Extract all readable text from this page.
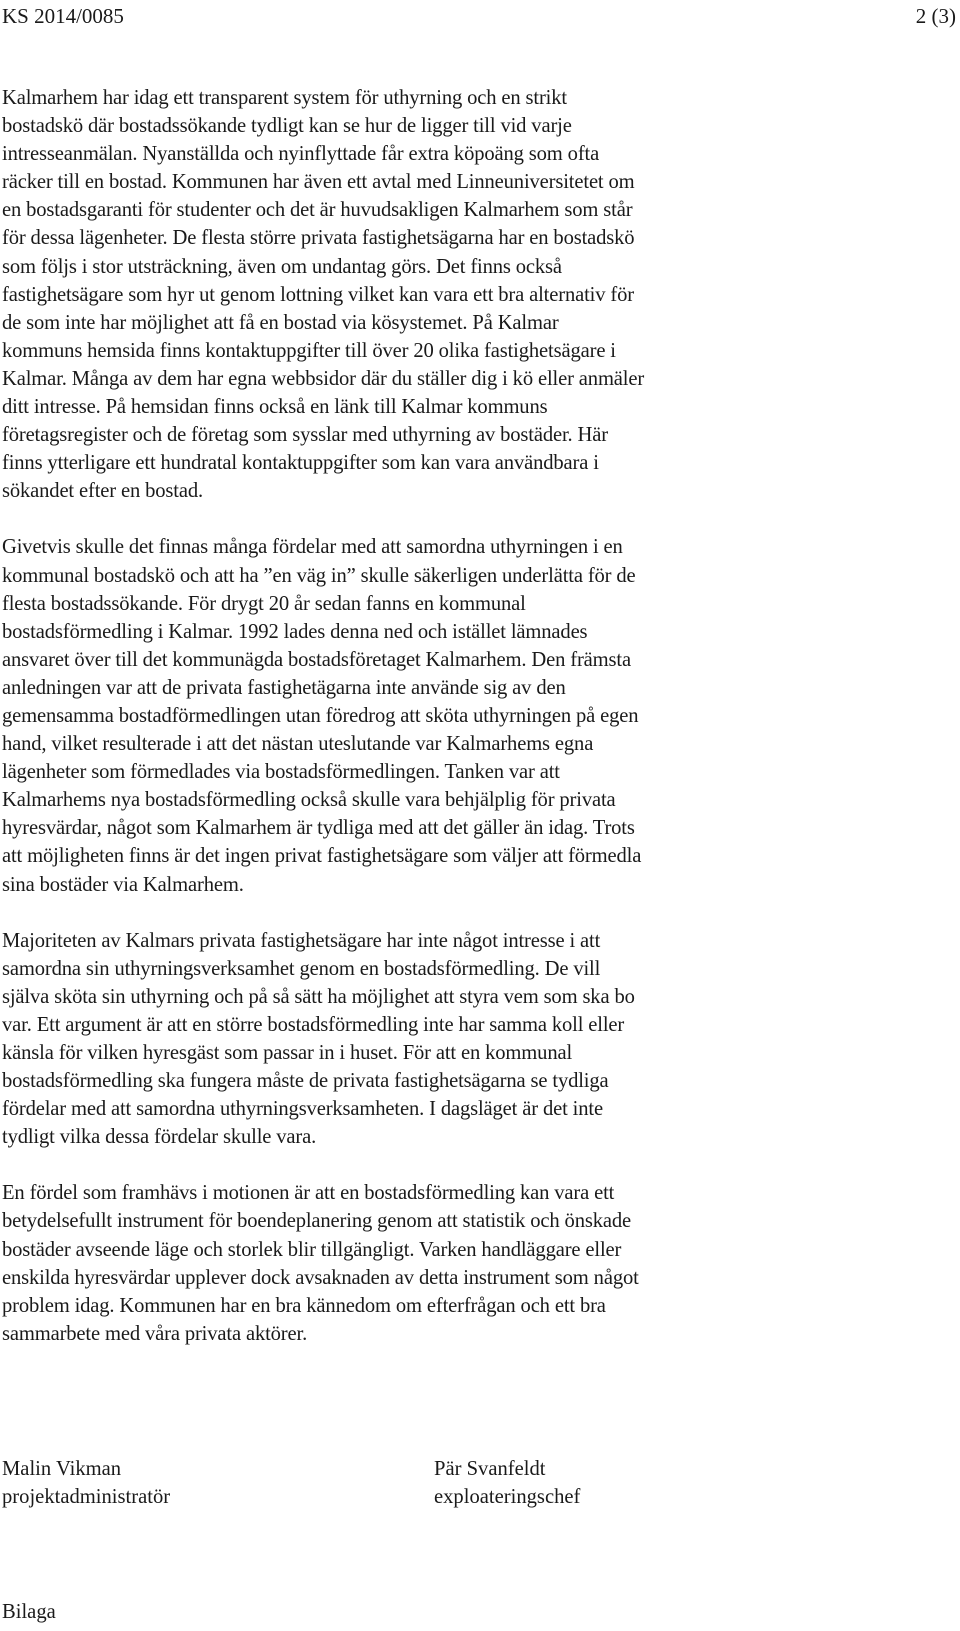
KS 2014/0085	2 (3)

Kalmarhem har idag ett transparent system för uthyrning och en strikt
bostadskö där bostadssökande tydligt kan se hur de ligger till vid varje
intresseanmälan. Nyanställda och nyinflyttade får extra köpoäng som ofta
räcker till en bostad. Kommunen har även ett avtal med Linneuniversitetet om
en bostadsgaranti för studenter och det är huvudsakligen Kalmarhem som står
för dessa lägenheter. De flesta större privata fastighetsägarna har en bostadskö
som följs i stor utsträckning, även om undantag görs. Det finns också
fastighetsägare som hyr ut genom lottning vilket kan vara ett bra alternativ för
de som inte har möjlighet att få en bostad via kösystemet. På Kalmar
kommuns hemsida finns kontaktuppgifter till över 20 olika fastighetsägare i
Kalmar. Många av dem har egna webbsidor där du ställer dig i kö eller anmäler
ditt intresse. På hemsidan finns också en länk till Kalmar kommuns
företagsregister och de företag som sysslar med uthyrning av bostäder. Här
finns ytterligare ett hundratal kontaktuppgifter som kan vara användbara i
sökandet efter en bostad.

Givetvis skulle det finnas många fördelar med att samordna uthyrningen i en
kommunal bostadskö och att ha ”en väg in” skulle säkerligen underlätta för de
flesta bostadssökande. För drygt 20 år sedan fanns en kommunal
bostadsförmedling i Kalmar. 1992 lades denna ned och istället lämnades
ansvaret över till det kommunägda bostadsföretaget Kalmarhem. Den främsta
anledningen var att de privata fastighetägarna inte använde sig av den
gemensamma bostadförmedlingen utan föredrog att sköta uthyrningen på egen
hand, vilket resulterade i att det nästan uteslutande var Kalmarhems egna
lägenheter som förmedlades via bostadsförmedlingen. Tanken var att
Kalmarhems nya bostadsförmedling också skulle vara behjälplig för privata
hyresvärdar, något som Kalmarhem är tydliga med att det gäller än idag. Trots
att möjligheten finns är det ingen privat fastighetsägare som väljer att förmedla
sina bostäder via Kalmarhem.

Majoriteten av Kalmars privata fastighetsägare har inte något intresse i att
samordna sin uthyrningsverksamhet genom en bostadsförmedling. De vill
själva sköta sin uthyrning och på så sätt ha möjlighet att styra vem som ska bo
var. Ett argument är att en större bostadsförmedling inte har samma koll eller
känsla för vilken hyresgäst som passar in i huset. För att en kommunal
bostadsförmedling ska fungera måste de privata fastighetsägarna se tydliga
fördelar med att samordna uthyrningsverksamheten. I dagsläget är det inte
tydligt vilka dessa fördelar skulle vara.

En fördel som framhävs i motionen är att en bostadsförmedling kan vara ett
betydelsefullt instrument för boendeplanering genom att statistik och önskade
bostäder avseende läge och storlek blir tillgängligt. Varken handläggare eller
enskilda hyresvärdar upplever dock avsaknaden av detta instrument som något
problem idag. Kommunen har en bra kännedom om efterfrågan och ett bra
sammarbete med våra privata aktörer.

Malin Vikman
projektadministratör
Pär Svanfeldt
exploateringschef
Bilaga
